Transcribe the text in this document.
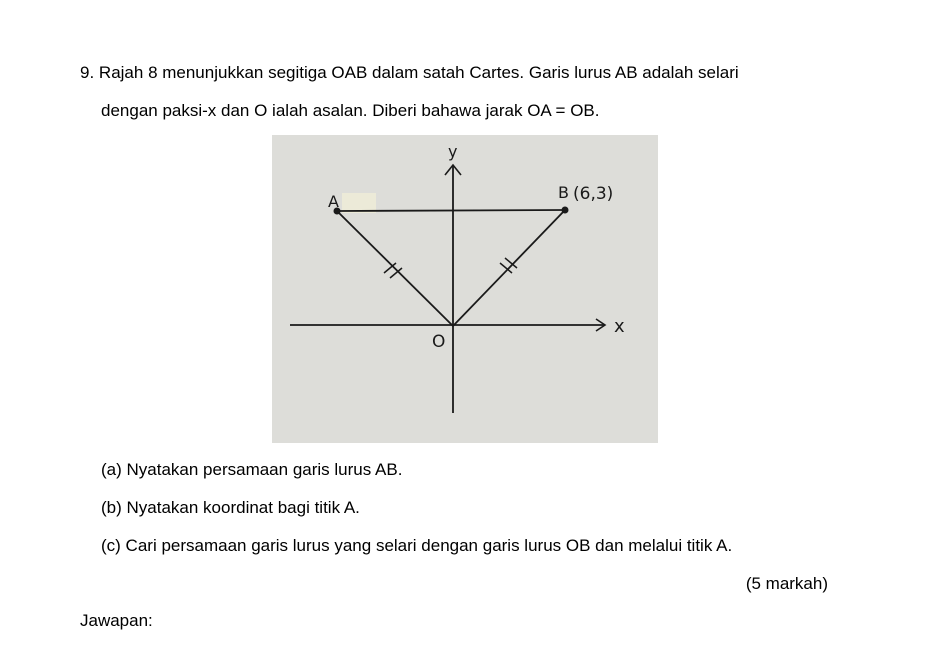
9. Rajah 8 menunjukkan segitiga OAB dalam satah Cartes. Garis lurus AB adalah selari
dengan paksi-x dan O ialah asalan. Diberi bahawa jarak OA = OB.
y
x
O
A	B (6,3)
(a) Nyatakan persamaan garis lurus AB.
(b) Nyatakan koordinat bagi titik A.
(c) Cari persamaan garis lurus yang selari dengan garis lurus OB dan melalui titik A.
(5 markah)
Jawapan:
